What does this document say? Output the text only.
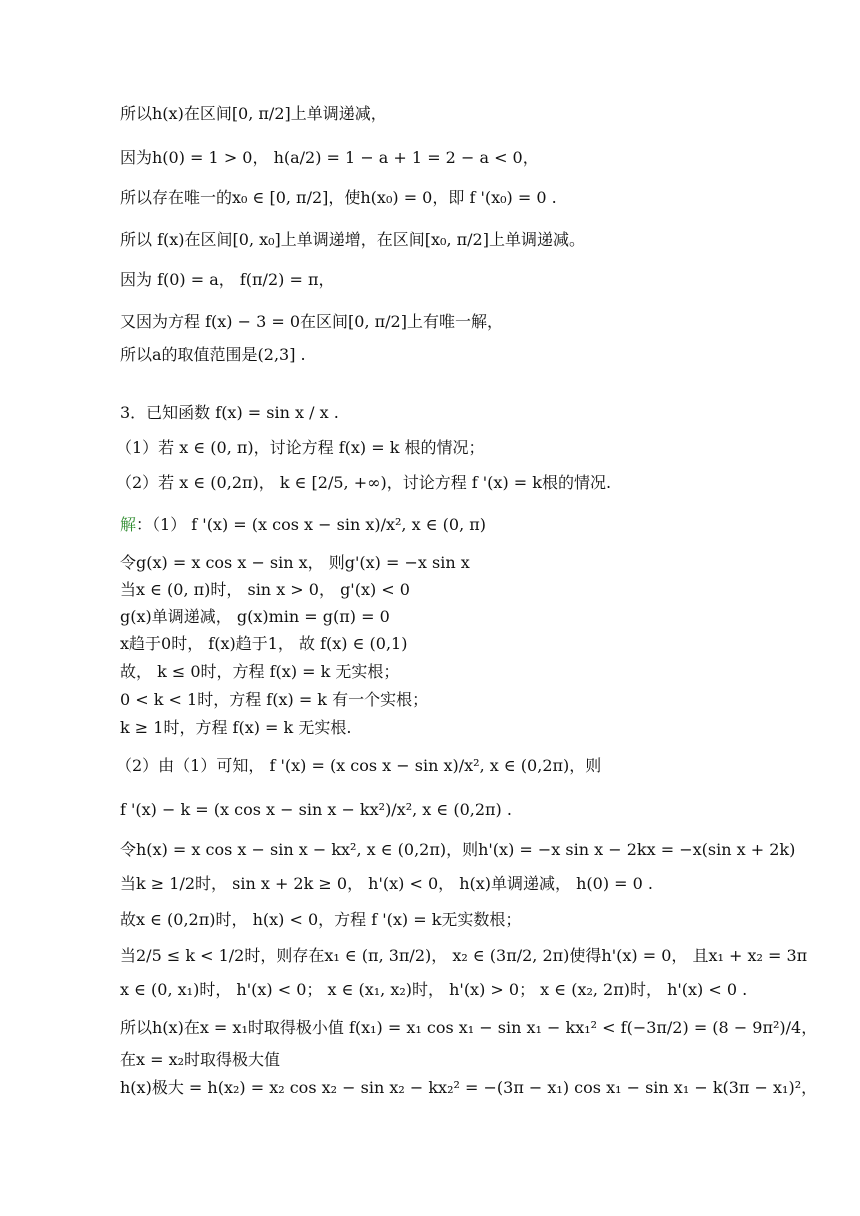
所以h(x)在区间[0, π/2]上单调递减，
因为h(0) = 1 > 0， h(a/2) = 1 − a + 1 = 2 − a < 0，
所以存在唯一的x₀ ∈ [0, π/2]，使h(x₀) = 0，即 f '(x₀) = 0 .
所以 f(x)在区间[0, x₀]上单调递增，在区间[x₀, π/2]上单调递减。
因为 f(0) = a， f(π/2) = π，
又因为方程 f(x) − 3 = 0在区间[0, π/2]上有唯一解，
所以a的取值范围是(2,3] .
3．已知函数 f(x) = sin x / x .
（1）若 x ∈ (0, π)，讨论方程 f(x) = k 根的情况；
（2）若 x ∈ (0,2π)， k ∈ [2/5, +∞)，讨论方程 f '(x) = k根的情况.
解：（1） f '(x) = (x cos x − sin x)/x², x ∈ (0, π)
令g(x) = x cos x − sin x， 则g'(x) = −x sin x
当x ∈ (0, π)时， sin x > 0， g'(x) < 0
g(x)单调递减， g(x)min = g(π) = 0
x趋于0时， f(x)趋于1， 故 f(x) ∈ (0,1)
故， k ≤ 0时，方程 f(x) = k 无实根；
0 < k < 1时，方程 f(x) = k 有一个实根；
k ≥ 1时，方程 f(x) = k 无实根.
（2）由（1）可知， f '(x) = (x cos x − sin x)/x², x ∈ (0,2π)，则
f '(x) − k = (x cos x − sin x − kx²)/x², x ∈ (0,2π) .
令h(x) = x cos x − sin x − kx², x ∈ (0,2π)，则h'(x) = −x sin x − 2kx = −x(sin x + 2k)
当k ≥ 1/2时， sin x + 2k ≥ 0， h'(x) < 0， h(x)单调递减， h(0) = 0 .
故x ∈ (0,2π)时， h(x) < 0，方程 f '(x) = k无实数根；
当2/5 ≤ k < 1/2时，则存在x₁ ∈ (π, 3π/2)， x₂ ∈ (3π/2, 2π)使得h'(x) = 0， 且x₁ + x₂ = 3π
x ∈ (0, x₁)时， h'(x) < 0； x ∈ (x₁, x₂)时， h'(x) > 0； x ∈ (x₂, 2π)时， h'(x) < 0 .
所以h(x)在x = x₁时取得极小值 f(x₁) = x₁ cos x₁ − sin x₁ − kx₁² < f(−3π/2) = (8 − 9π²)/4，
在x = x₂时取得极大值
h(x)极大 = h(x₂) = x₂ cos x₂ − sin x₂ − kx₂² = −(3π − x₁) cos x₁ − sin x₁ − k(3π − x₁)²，
